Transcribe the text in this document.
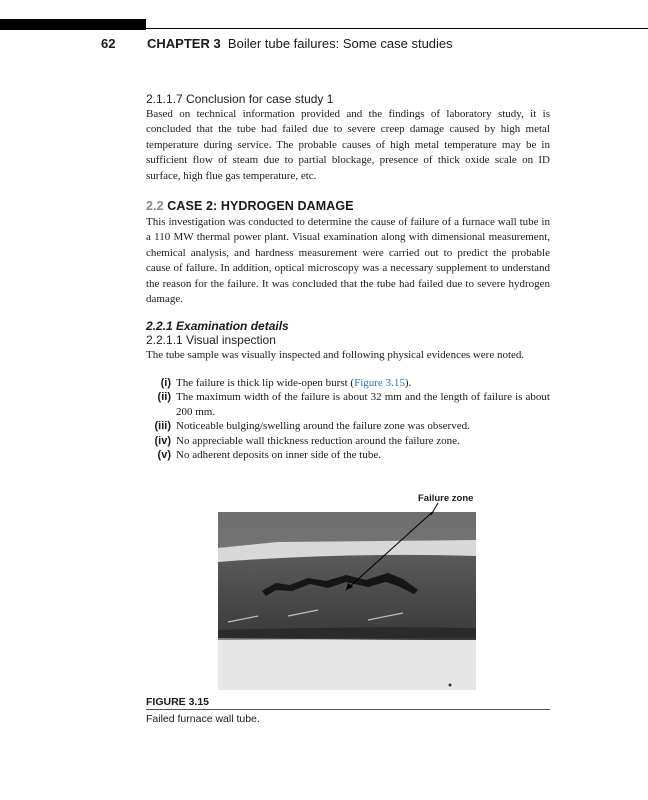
62 CHAPTER 3 Boiler tube failures: Some case studies
2.1.1.7 Conclusion for case study 1

Based on technical information provided and the findings of laboratory study, it is concluded that the tube had failed due to severe creep damage caused by high metal temperature during service. The probable causes of high metal temperature may be in sufficient flow of steam due to partial blockage, presence of thick oxide scale on ID surface, high flue gas temperature, etc.

2.2 CASE 2: HYDROGEN DAMAGE

This investigation was conducted to determine the cause of failure of a furnace wall tube in a 110 MW thermal power plant. Visual examination along with dimensional measurement, chemical analysis, and hardness measurement were carried out to predict the probable cause of failure. In addition, optical microscopy was a necessary supplement to understand the reason for the failure. It was concluded that the tube had failed due to severe hydrogen damage.

2.2.1 Examination details
2.2.1.1 Visual inspection

The tube sample was visually inspected and following physical evidences were noted.

(i) The failure is thick lip wide-open burst (Figure 3.15).
(ii) The maximum width of the failure is about 32 mm and the length of failure is about 200 mm.
(iii) Noticeable bulging/swelling around the failure zone was observed.
(iv) No appreciable wall thickness reduction around the failure zone.
(v) No adherent deposits on inner side of the tube.
Failure zone
FIGURE 3.15
Failed furnace wall tube.
